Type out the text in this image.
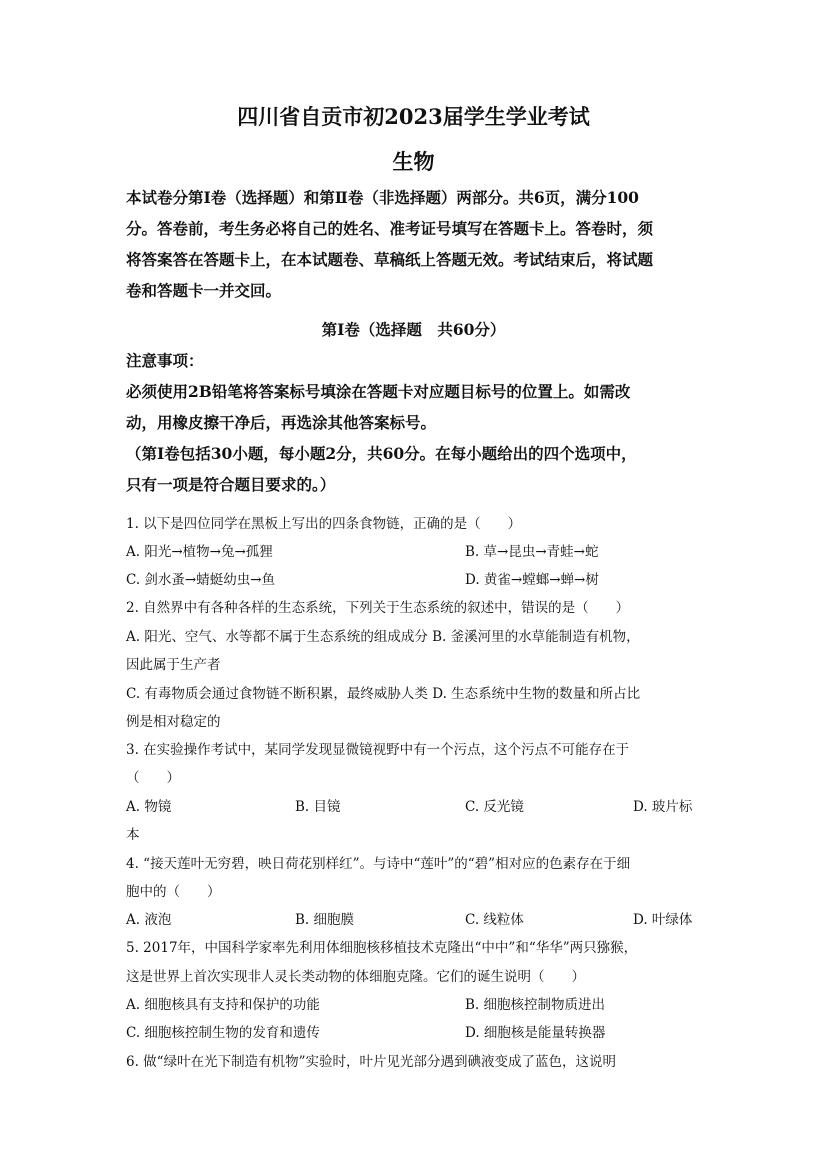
四川省自贡市初2023届学生学业考试
生物
本试卷分第Ⅰ卷（选择题）和第Ⅱ卷（非选择题）两部分。共6页，满分100
分。答卷前，考生务必将自己的姓名、准考证号填写在答题卡上。答卷时，须
将答案答在答题卡上，在本试题卷、草稿纸上答题无效。考试结束后，将试题
卷和答题卡一并交回。
第Ⅰ卷（选择题　共60分）
注意事项：
必须使用2B铅笔将答案标号填涂在答题卡对应题目标号的位置上。如需改
动，用橡皮擦干净后，再选涂其他答案标号。
（第Ⅰ卷包括30小题，每小题2分，共60分。在每小题给出的四个选项中，
只有一项是符合题目要求的。）
1. 以下是四位同学在黑板上写出的四条食物链，正确的是（　　）
A. 阳光→植物→兔→孤狸	B. 草→昆虫→青蛙→蛇
C. 剑水蚤→蜻蜓幼虫→鱼	D. 黄雀→螳螂→蝉→树
2. 自然界中有各种各样的生态系统，下列关于生态系统的叙述中，错误的是（　　）
A. 阳光、空气、水等都不属于生态系统的组成成分 B. 釜溪河里的水草能制造有机物，
因此属于生产者
C. 有毒物质会通过食物链不断积累，最终威胁人类 D. 生态系统中生物的数量和所占比
例是相对稳定的
3. 在实验操作考试中，某同学发现显微镜视野中有一个污点，这个污点不可能存在于
（　　）
A. 物镜	B. 目镜	C. 反光镜	D. 玻片标
本
4. “接天莲叶无穷碧，映日荷花别样红”。与诗中“莲叶”的“碧”相对应的色素存在于细
胞中的（　　）
A. 液泡	B. 细胞膜	C. 线粒体	D. 叶绿体
5. 2017年，中国科学家率先利用体细胞核移植技术克隆出“中中”和“华华”两只猕猴，
这是世界上首次实现非人灵长类动物的体细胞克隆。它们的诞生说明（　　）
A. 细胞核具有支持和保护的功能	B. 细胞核控制物质进出
C. 细胞核控制生物的发育和遗传	D. 细胞核是能量转换器
6. 做“绿叶在光下制造有机物”实验时，叶片见光部分遇到碘液变成了蓝色，这说明
